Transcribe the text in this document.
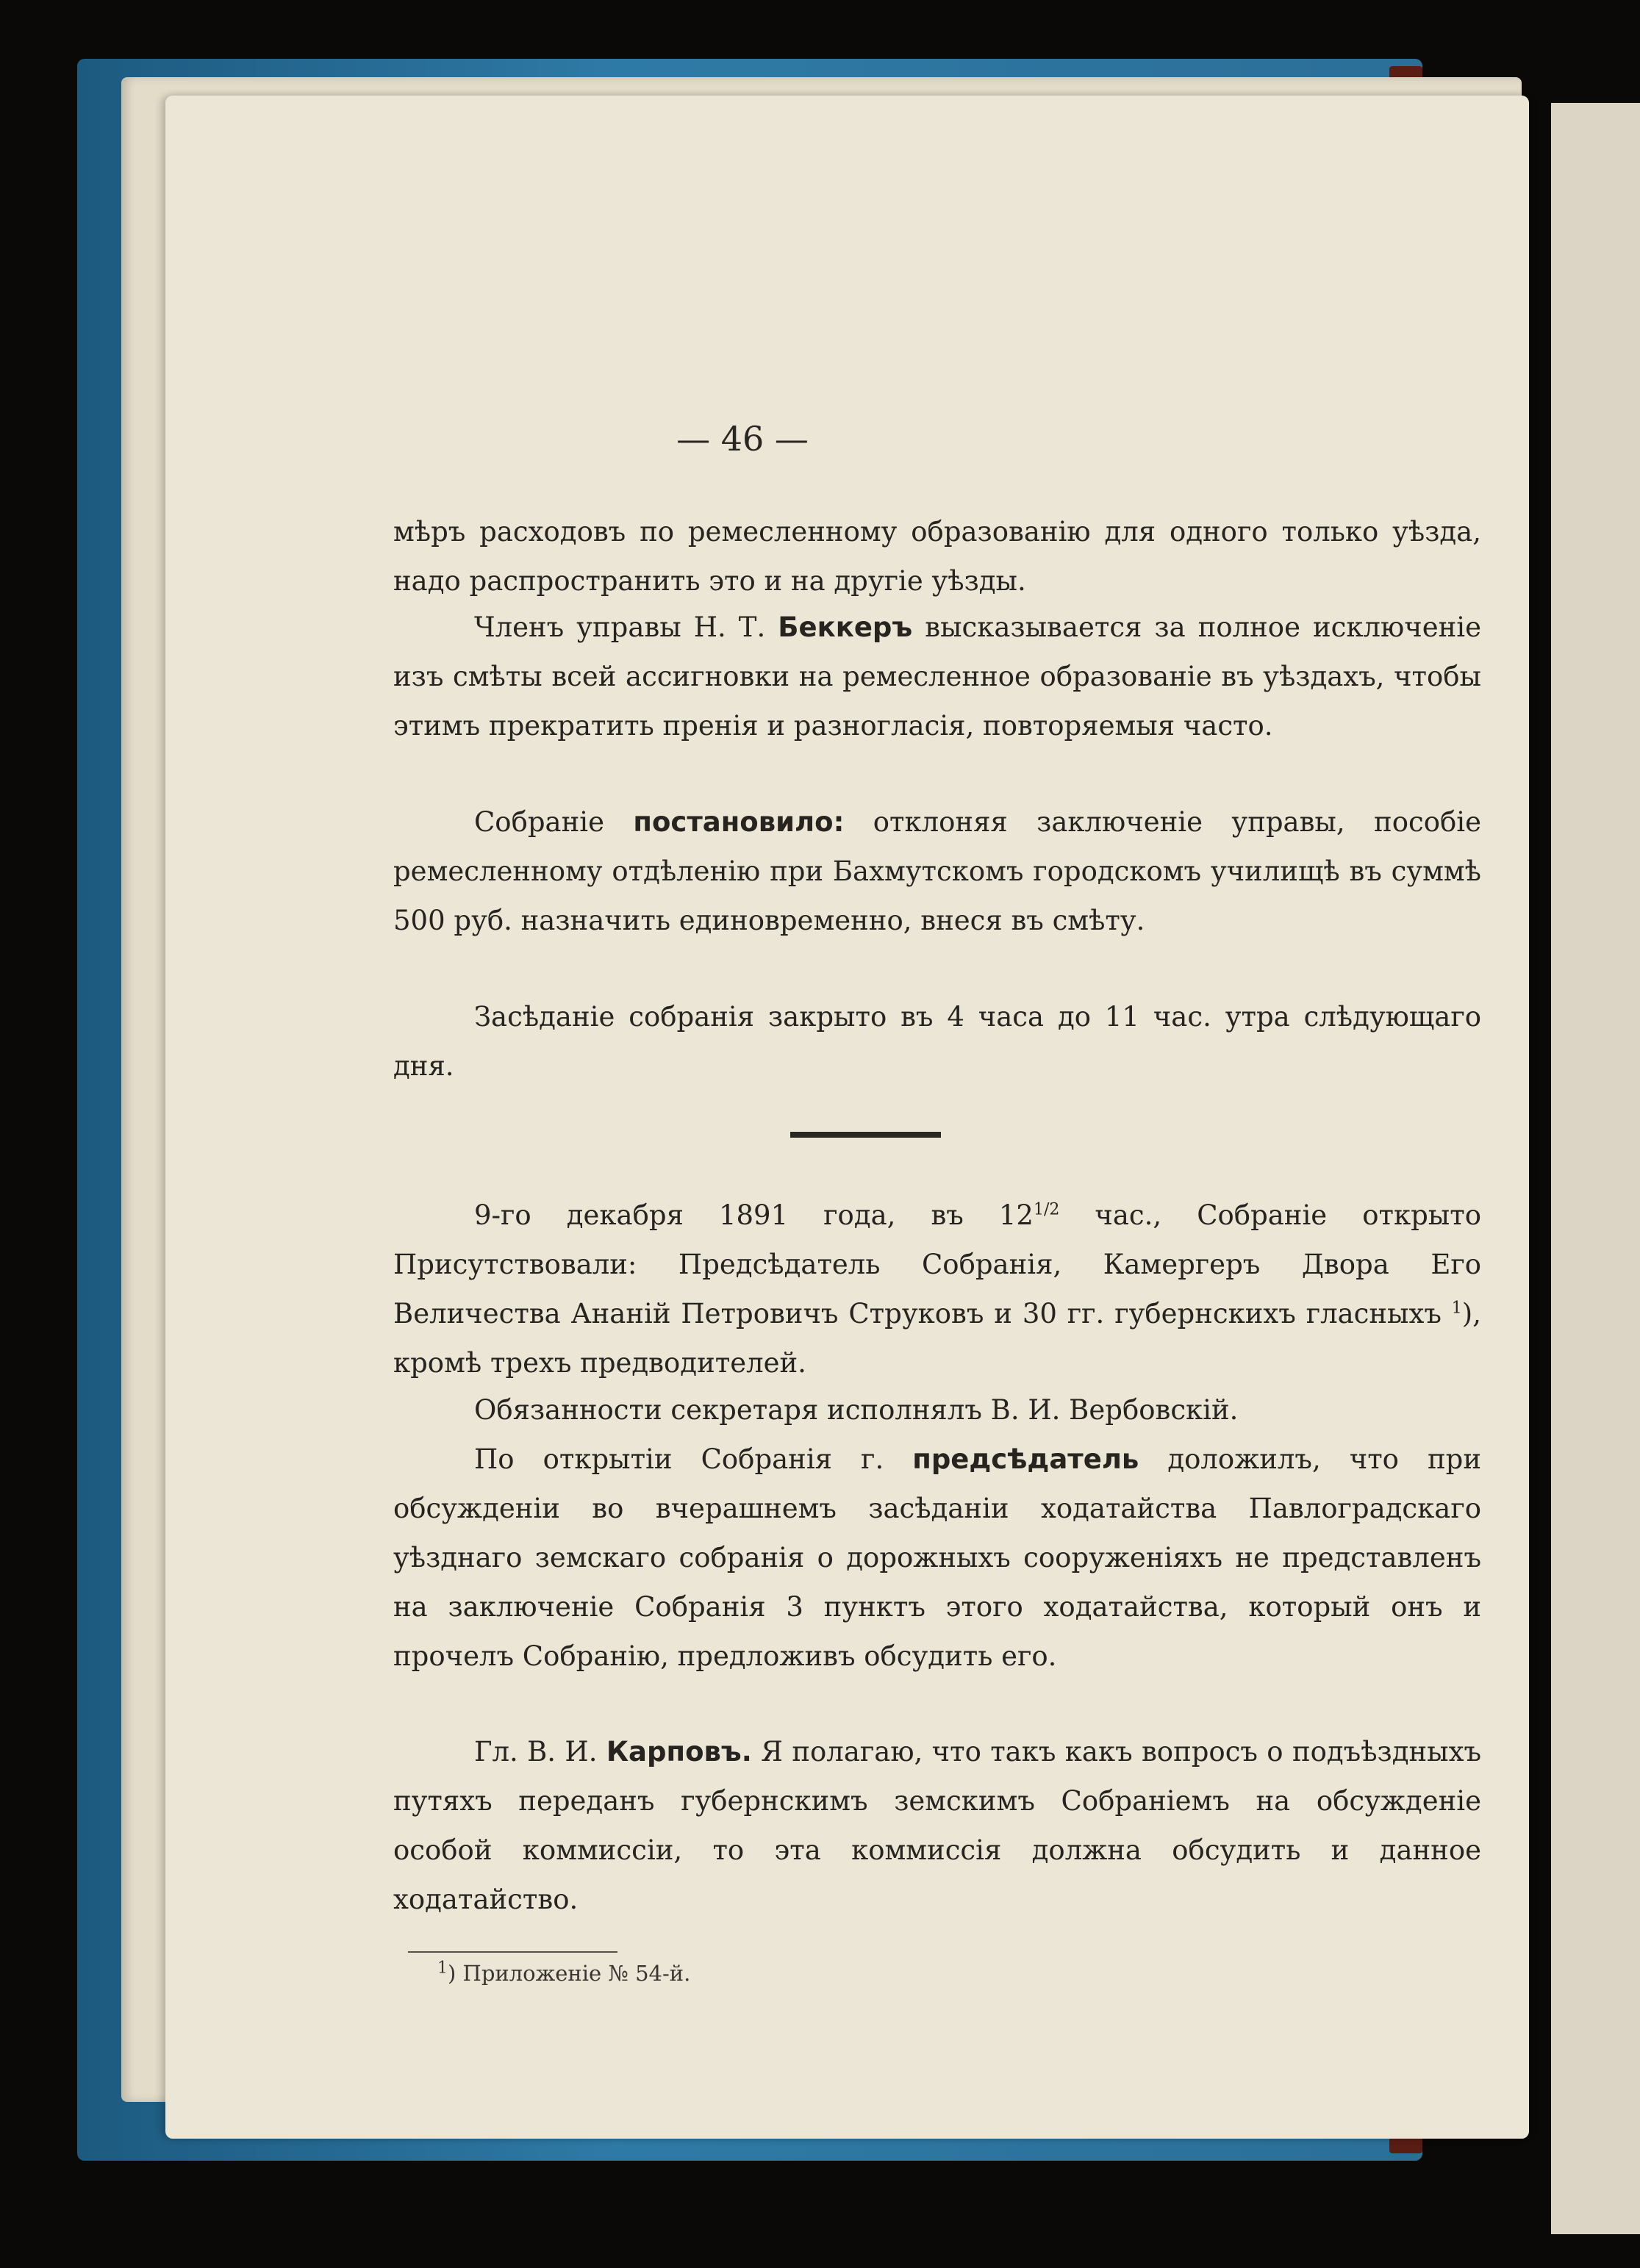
— 46 —

мѣръ расходовъ по ремесленному образованію для одного только уѣзда, надо распространить это и на другіе уѣзды.

Членъ управы Н. Т. Беккеръ высказывается за полное исключеніе изъ смѣты всей ассигновки на ремесленное образованіе въ уѣздахъ, чтобы этимъ прекратить пренія и разногласія, повторяемыя часто.

Собраніе постановило: отклоняя заключеніе управы, пособіе ремесленному отдѣленію при Бахмутскомъ городскомъ училищѣ въ суммѣ 500 руб. назначить единовременно, внеся въ смѣту.

Засѣданіе собранія закрыто въ 4 часа до 11 час. утра слѣдующаго дня.

9-го декабря 1891 года, въ $12^{1/2}$ час., Собраніе открыто Присутствовали: Предсѣдатель Собранія, Камергеръ Двора Его Величества Ананій Петровичъ Струковъ и 30 гг. губернскихъ гласныхъ $^1$), кромѣ трехъ предводителей.

Обязанности секретаря исполнялъ В. И. Вербовскій.

По открытіи Собранія г. предсѣдатель доложилъ, что при обсужденіи во вчерашнемъ засѣданіи ходатайства Павлоградскаго уѣзднаго земскаго собранія о дорожныхъ сооруженіяхъ не представленъ на заключеніе Собранія 3 пунктъ этого ходатайства, который онъ и прочелъ Собранію, предложивъ обсудить его.

Гл. В. И. Карповъ. Я полагаю, что такъ какъ вопросъ о подъѣздныхъ путяхъ переданъ губернскимъ земскимъ Собраніемъ на обсужденіе особой коммиссіи, то эта коммиссія должна обсудить и данное ходатайство.

$^1$) Приложеніе № 54-й.
